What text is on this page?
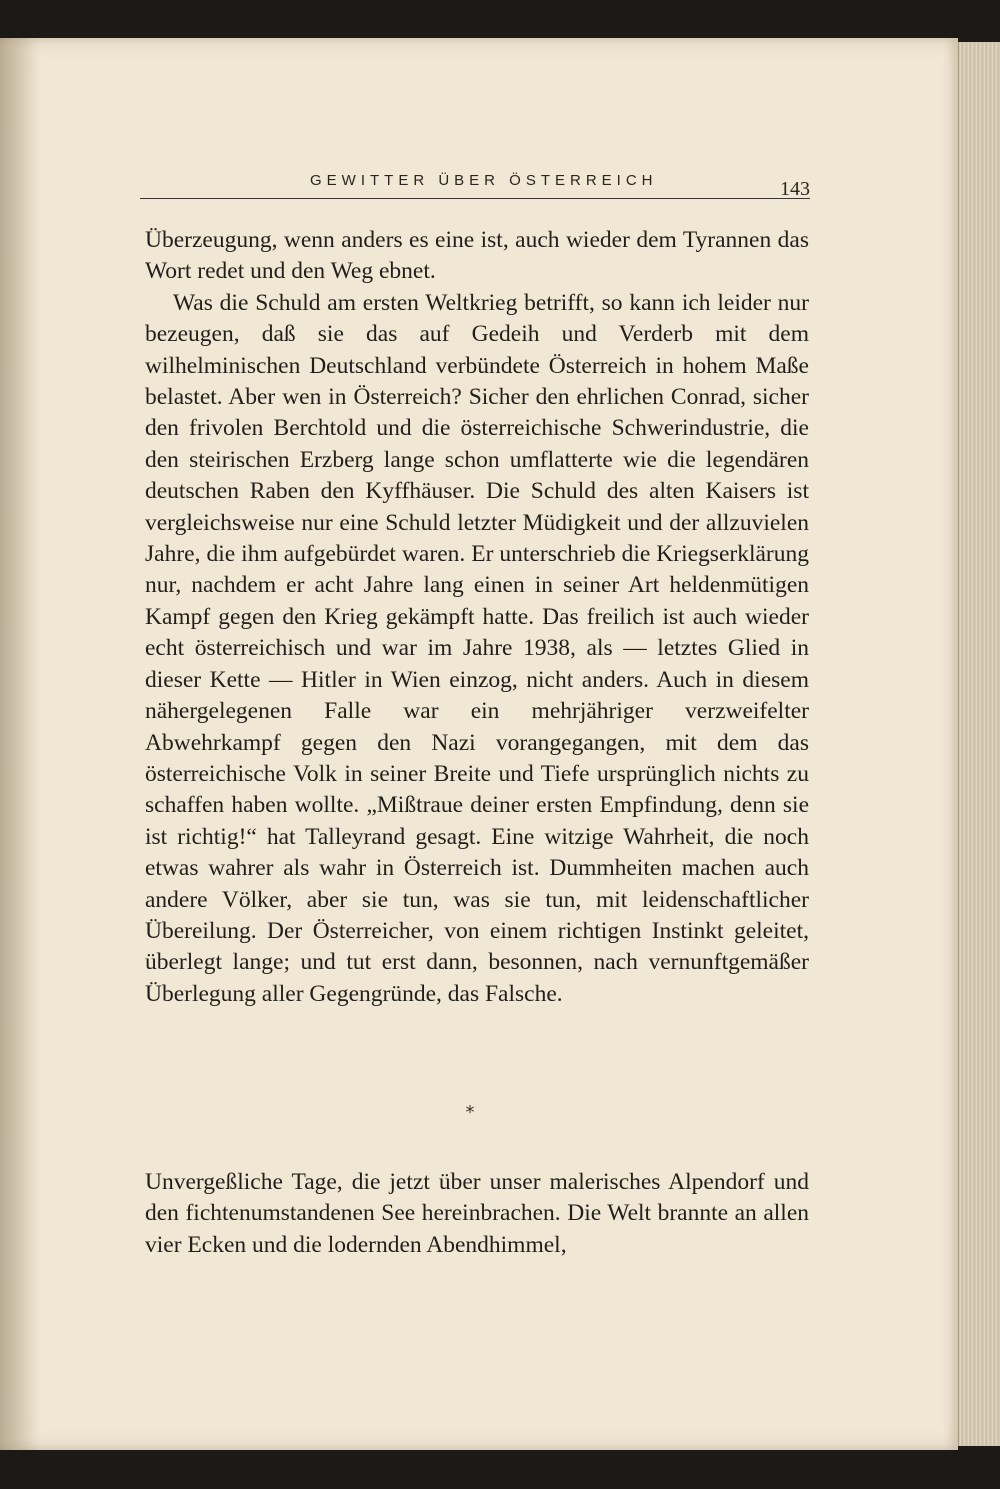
GEWITTER ÜBER ÖSTERREICH	143

Überzeugung, wenn anders es eine ist, auch wieder dem Tyrannen das Wort redet und den Weg ebnet.

Was die Schuld am ersten Weltkrieg betrifft, so kann ich leider nur bezeugen, daß sie das auf Gedeih und Verderb mit dem wilhelminischen Deutschland verbündete Österreich in hohem Maße belastet. Aber wen in Österreich? Sicher den ehrlichen Conrad, sicher den frivolen Berchtold und die österreichische Schwerindustrie, die den steirischen Erzberg lange schon umflatterte wie die legendären deutschen Raben den Kyffhäuser. Die Schuld des alten Kaisers ist vergleichsweise nur eine Schuld letzter Müdigkeit und der allzuvielen Jahre, die ihm aufgebürdet waren. Er unterschrieb die Kriegserklärung nur, nachdem er acht Jahre lang einen in seiner Art heldenmütigen Kampf gegen den Krieg gekämpft hatte. Das freilich ist auch wieder echt österreichisch und war im Jahre 1938, als — letztes Glied in dieser Kette — Hitler in Wien einzog, nicht anders. Auch in diesem nähergelegenen Falle war ein mehrjähriger verzweifelter Abwehrkampf gegen den Nazi vorangegangen, mit dem das österreichische Volk in seiner Breite und Tiefe ursprünglich nichts zu schaffen haben wollte. „Mißtraue deiner ersten Empfindung, denn sie ist richtig!“ hat Talleyrand gesagt. Eine witzige Wahrheit, die noch etwas wahrer als wahr in Österreich ist. Dummheiten machen auch andere Völker, aber sie tun, was sie tun, mit leidenschaftlicher Übereilung. Der Österreicher, von einem richtigen Instinkt geleitet, überlegt lange; und tut erst dann, besonnen, nach vernunftgemäßer Überlegung aller Gegengründe, das Falsche.

*

Unvergeßliche Tage, die jetzt über unser malerisches Alpendorf und den fichtenumstandenen See hereinbrachen. Die Welt brannte an allen vier Ecken und die lodernden Abendhimmel,
